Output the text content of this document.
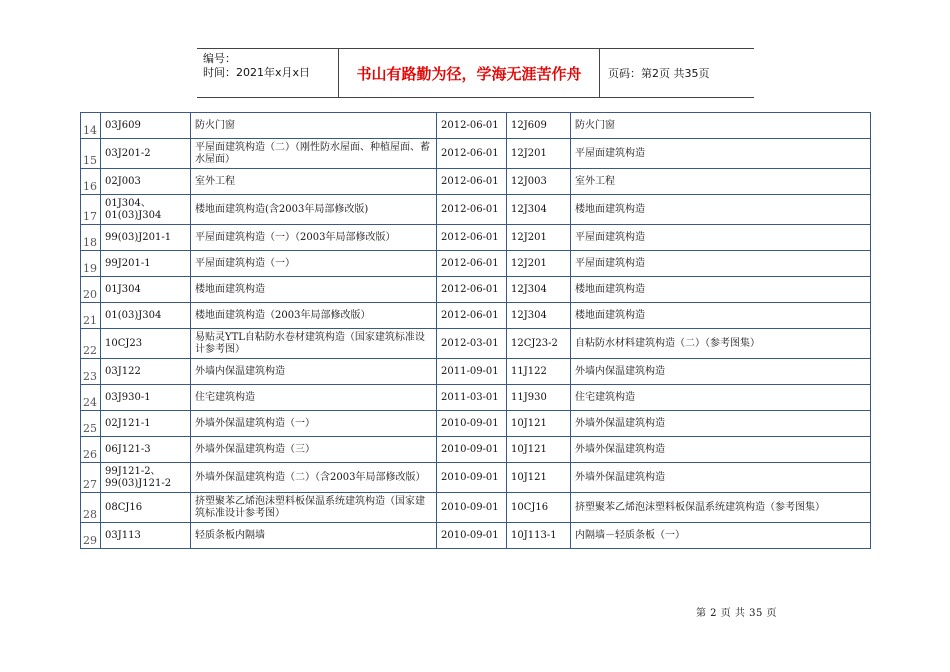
编号：
时间：2021年x月x日	书山有路勤为径，学海无涯苦作舟	页码：第2页 共35页
14	03J609	防火门窗	2012-06-01	12J609	防火门窗
15	03J201-2	平屋面建筑构造（二）（刚性防水屋面、种植屋面、蓄水屋面）	2012-06-01	12J201	平屋面建筑构造
16	02J003	室外工程	2012-06-01	12J003	室外工程
17	01J304、01(03)J304	楼地面建筑构造(含2003年局部修改版)	2012-06-01	12J304	楼地面建筑构造
18	99(03)J201-1	平屋面建筑构造（一）（2003年局部修改版）	2012-06-01	12J201	平屋面建筑构造
19	99J201-1	平屋面建筑构造（一）	2012-06-01	12J201	平屋面建筑构造
20	01J304	楼地面建筑构造	2012-06-01	12J304	楼地面建筑构造
21	01(03)J304	楼地面建筑构造（2003年局部修改版）	2012-06-01	12J304	楼地面建筑构造
22	10CJ23	易贴灵YTL自粘防水卷材建筑构造（国家建筑标准设计参考图）	2012-03-01	12CJ23-2	自粘防水材料建筑构造（二）（参考图集）
23	03J122	外墙内保温建筑构造	2011-09-01	11J122	外墙内保温建筑构造
24	03J930-1	住宅建筑构造	2011-03-01	11J930	住宅建筑构造
25	02J121-1	外墙外保温建筑构造（一）	2010-09-01	10J121	外墙外保温建筑构造
26	06J121-3	外墙外保温建筑构造（三）	2010-09-01	10J121	外墙外保温建筑构造
27	99J121-2、99(03)J121-2	外墙外保温建筑构造（二）（含2003年局部修改版）	2010-09-01	10J121	外墙外保温建筑构造
28	08CJ16	挤塑聚苯乙烯泡沫塑料板保温系统建筑构造（国家建筑标准设计参考图）	2010-09-01	10CJ16	挤塑聚苯乙烯泡沫塑料板保温系统建筑构造（参考图集）
29	03J113	轻质条板内隔墙	2010-09-01	10J113-1	内隔墙－轻质条板（一）
第 2 页 共 35 页
